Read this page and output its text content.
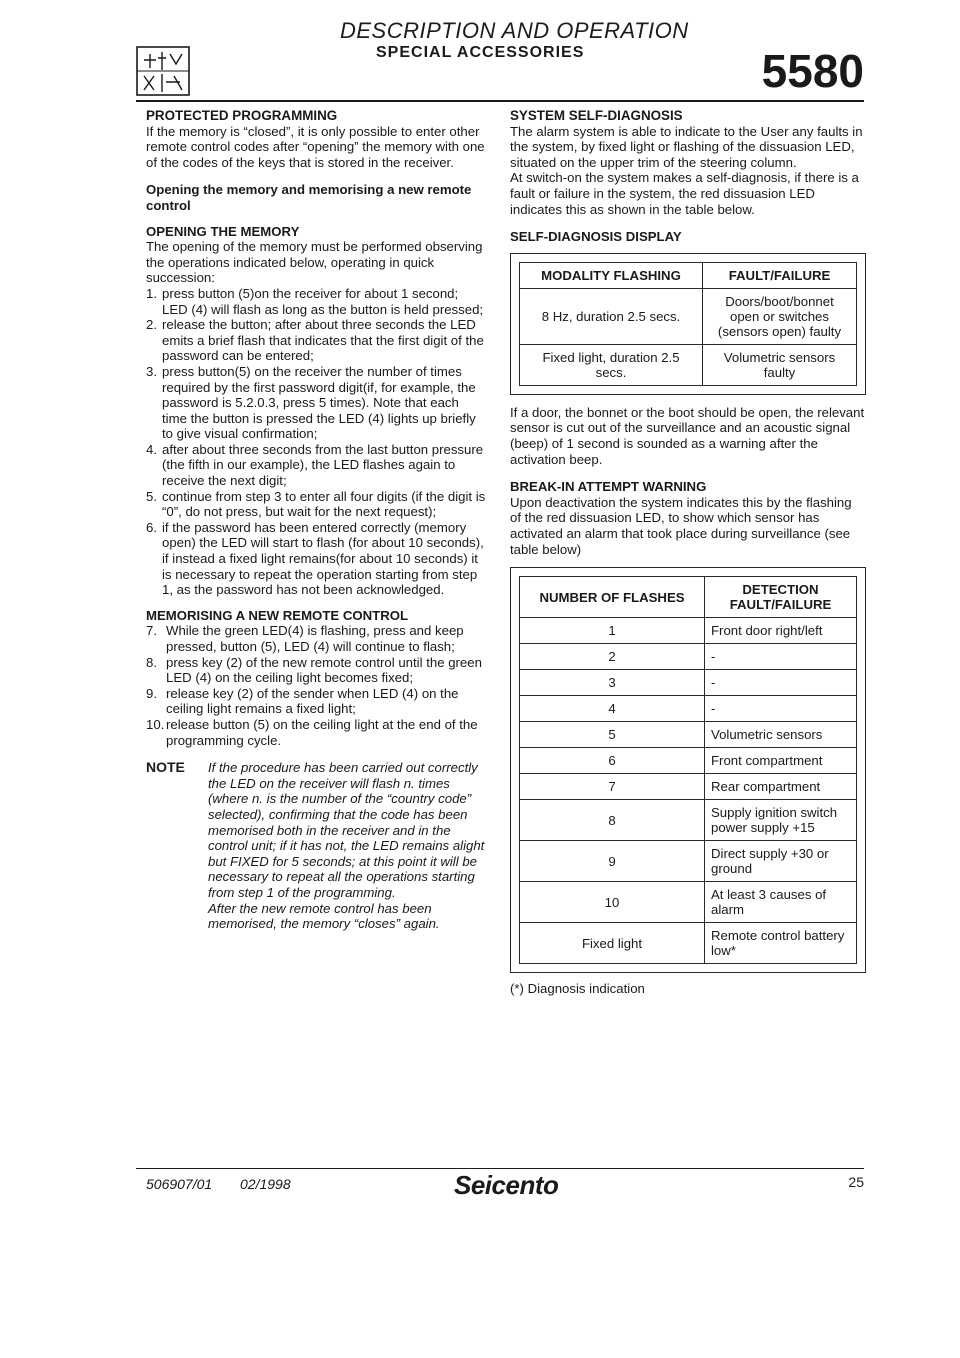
DESCRIPTION AND OPERATION
SPECIAL ACCESSORIES	5580

PROTECTED PROGRAMMING

If the memory is “closed”, it is only possible to enter other remote control codes after “opening” the memory with one of the codes of the keys that is stored in the receiver.

Opening the memory and memorising a new remote control

OPENING THE MEMORY

The opening of the memory must be performed observing the operations indicated below, operating in quick succession:

1. press button (5)on the receiver for about 1 second; LED (4) will flash as long as the button is held pressed;
2. release the button; after about three seconds the LED emits a brief flash that indicates that the first digit of the password can be entered;
3. press button(5) on the receiver the number of times required by the first password digit(if, for example, the password is 5.2.0.3, press 5 times). Note that each time the button is pressed the LED (4) lights up briefly to give visual confirmation;
4. after about three seconds from the last button pressure (the fifth in our example), the LED flashes again to receive the next digit;
5. continue from step 3 to enter all four digits (if the digit is “0”, do not press, but wait for the next request);
6. if the password has been entered correctly (memory open) the LED will start to flash (for about 10 seconds), if instead a fixed light remains(for about 10 seconds) it is necessary to repeat the operation starting from step 1, as the password has not been acknowledged.

MEMORISING A NEW REMOTE CONTROL

7. While the green LED(4) is flashing, press and keep pressed, button (5), LED (4) will continue to flash;
8. press key (2) of the new remote control until the green LED (4) on the ceiling light becomes fixed;
9. release key (2) of the sender when LED (4) on the ceiling light remains a fixed light;
10. release button (5) on the ceiling light at the end of the programming cycle.
NOTE	If the procedure has been carried out correctly the LED on the receiver will flash n. times (where n. is the number of the “country code” selected), confirming that the code has been memorised both in the receiver and in the control unit; if it has not, the LED remains alight but FIXED for 5 seconds; at this point it will be necessary to repeat all the operations starting from step 1 of the programming.
After the new remote control has been memorised, the memory “closes” again.

SYSTEM SELF-DIAGNOSIS

The alarm system is able to indicate to the User any faults in the system, by fixed light or flashing of the dissuasion LED, situated on the upper trim of the steering column.

At switch-on the system makes a self-diagnosis, if there is a fault or failure in the system, the red dissuasion LED indicates this as shown in the table below.

SELF-DIAGNOSIS DISPLAY

MODALITY FLASHING	FAULT/FAILURE
8 Hz, duration 2.5 secs.	Doors/boot/bonnet open or switches (sensors open) faulty
Fixed light, duration 2.5 secs.	Volumetric sensors faulty

If a door, the bonnet or the boot should be open, the relevant sensor is cut out of the surveillance and an acoustic signal (beep) of 1 second is sounded as a warning after the activation beep.

BREAK-IN ATTEMPT WARNING

Upon deactivation the system indicates this by the flashing of the red dissuasion LED, to show which sensor has activated an alarm that took place during surveillance (see table below)

NUMBER OF FLASHES	DETECTION FAULT/FAILURE
1	Front door right/left
2	-
3	-
4	-
5	Volumetric sensors
6	Front compartment
7	Rear compartment
8	Supply ignition switch power supply +15
9	Direct supply +30 or ground
10	At least 3 causes of alarm
Fixed light	Remote control battery low*

(*) Diagnosis indication

506907/01 02/1998	Seicento	25
